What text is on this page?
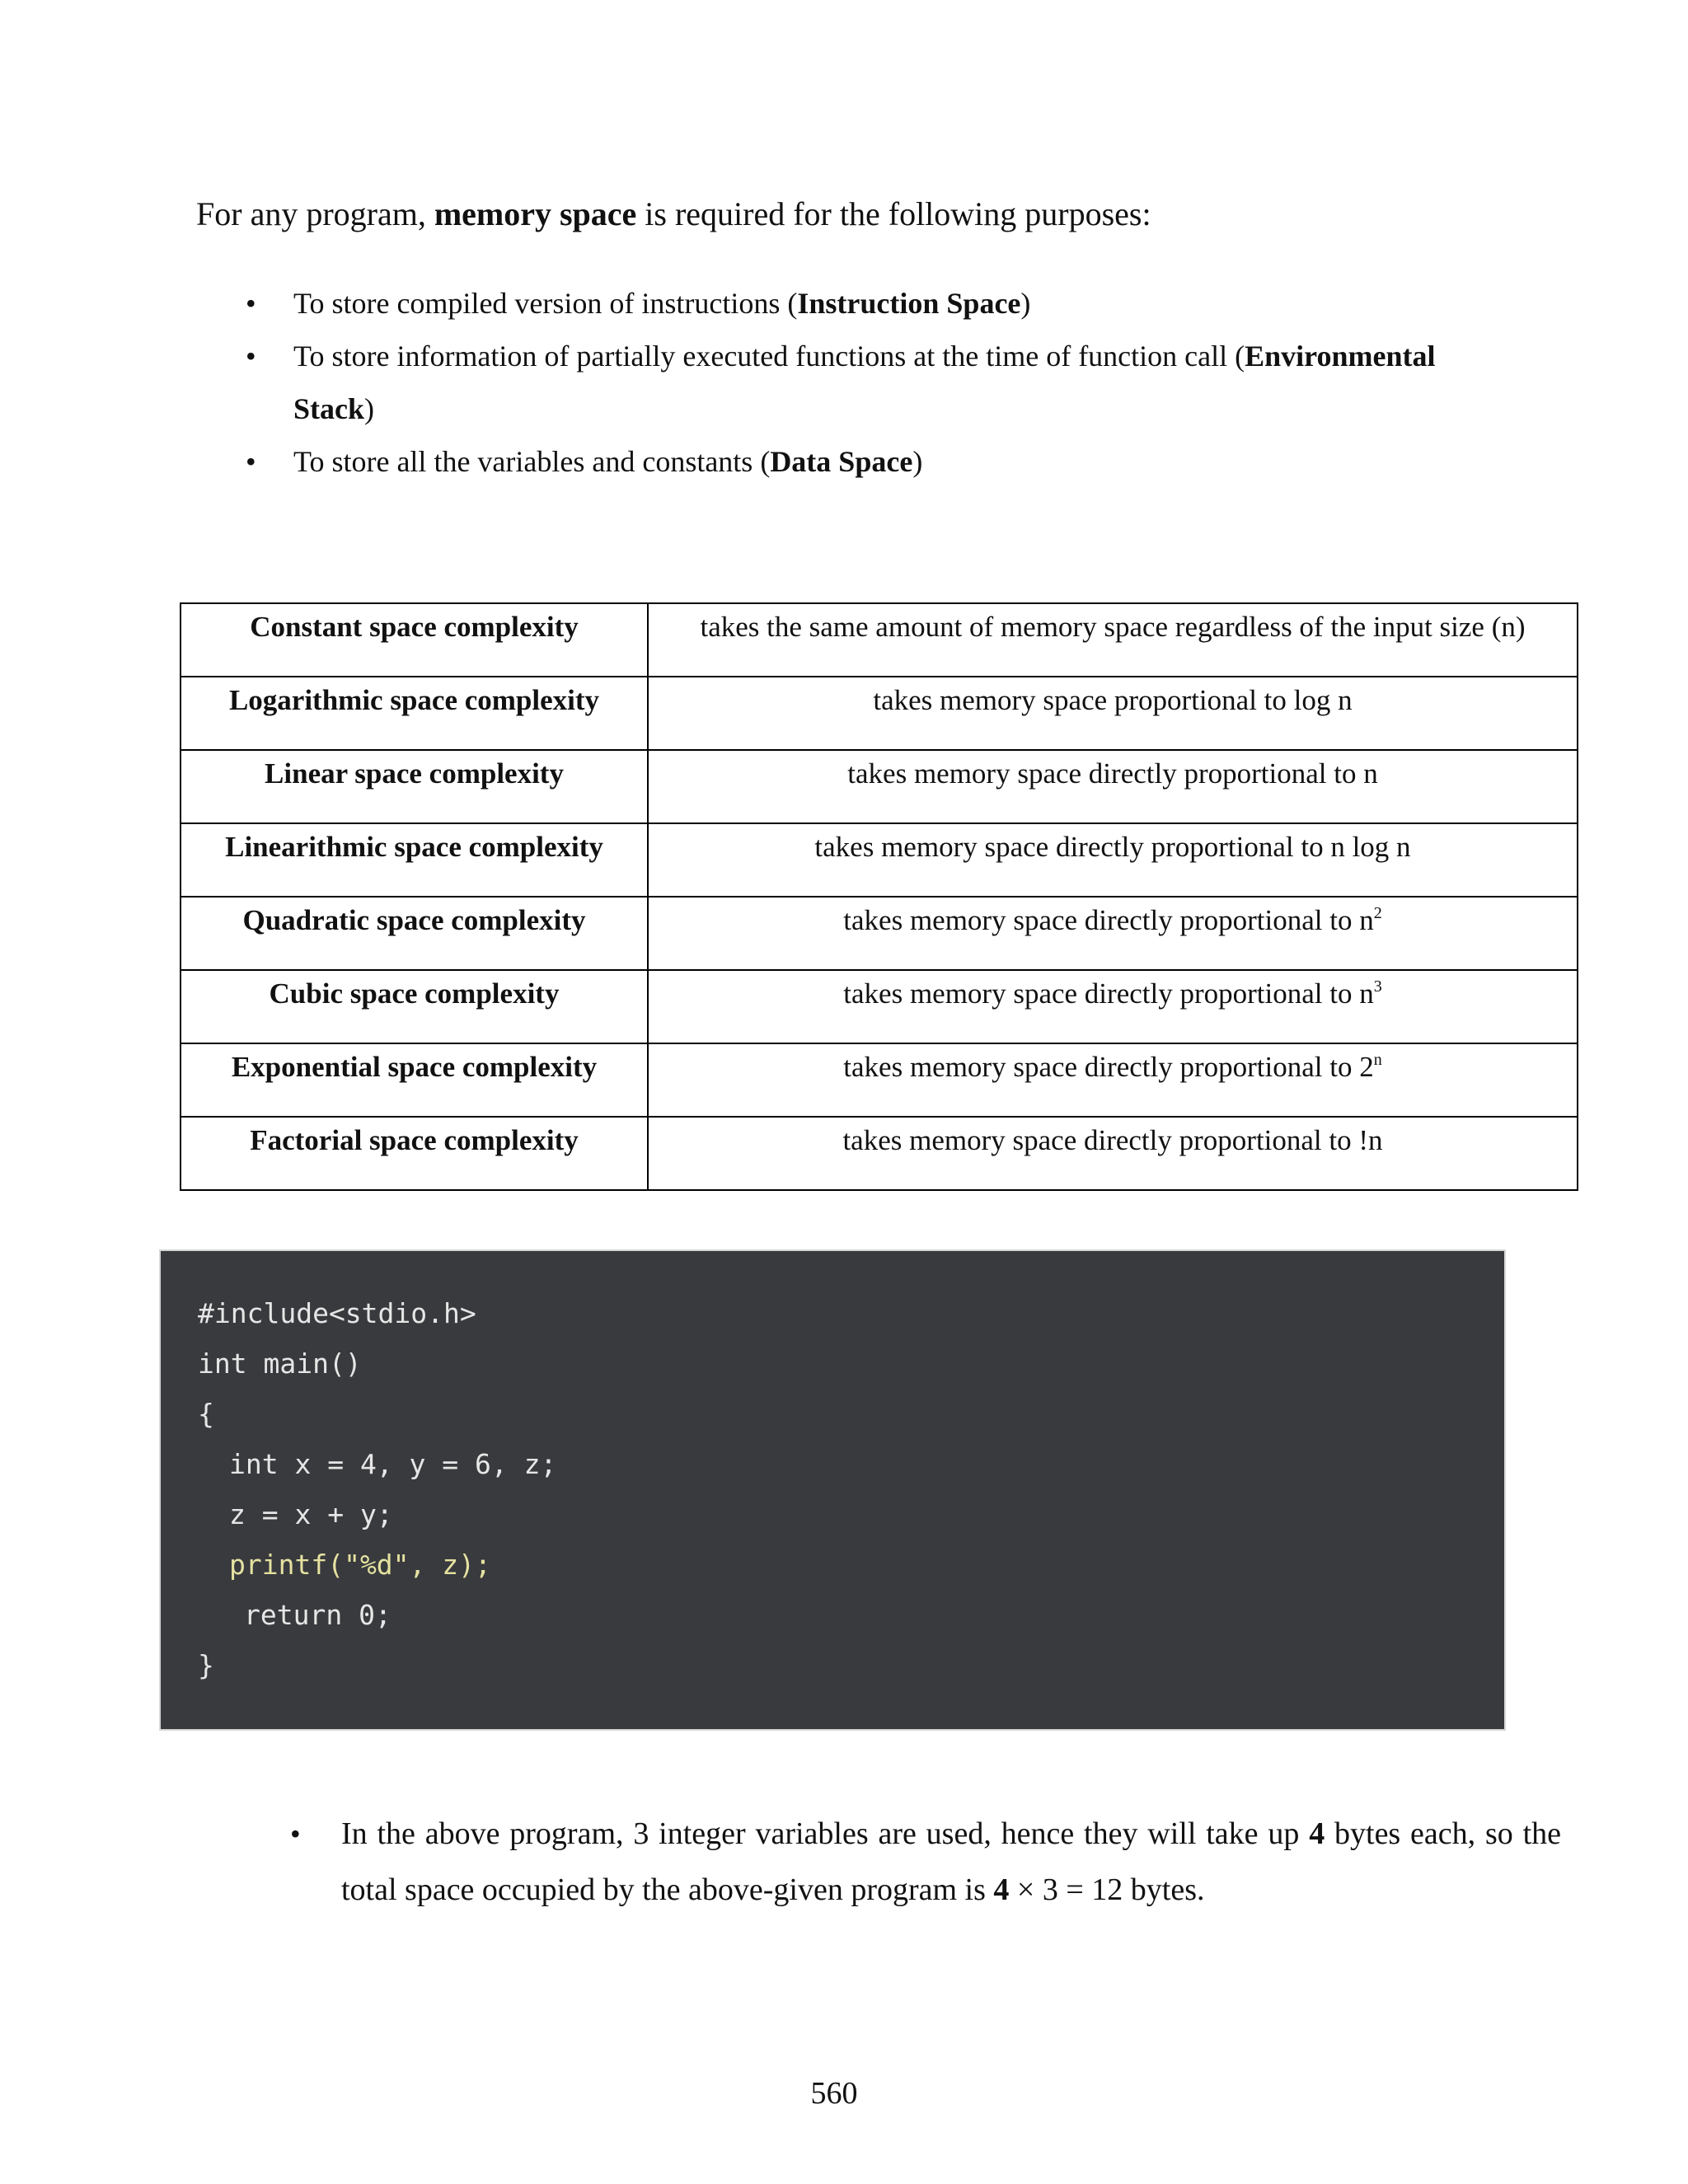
For any program, memory space is required for the following purposes:

• To store compiled version of instructions (Instruction Space)
• To store information of partially executed functions at the time of function call (Environmental Stack)
• To store all the variables and constants (Data Space)
Constant space complexity	takes the same amount of memory space regardless of the input size (n)
Logarithmic space complexity	takes memory space proportional to log n
Linear space complexity	takes memory space directly proportional to n
Linearithmic space complexity	takes memory space directly proportional to n log n
Quadratic space complexity	takes memory space directly proportional to $n^2$
Cubic space complexity	takes memory space directly proportional to $n^3$
Exponential space complexity	takes memory space directly proportional to 2$^n$
Factorial space complexity	takes memory space directly proportional to !n
#include<stdio.h>
int main()
{
int x = 4, y = 6, z;
z = x + y;
printf("%d", z);
return 0;
}

• In the above program, 3 integer variables are used, hence they will take up 4 bytes each, so the total space occupied by the above-given program is 4 × 3 = 12 bytes.

560
